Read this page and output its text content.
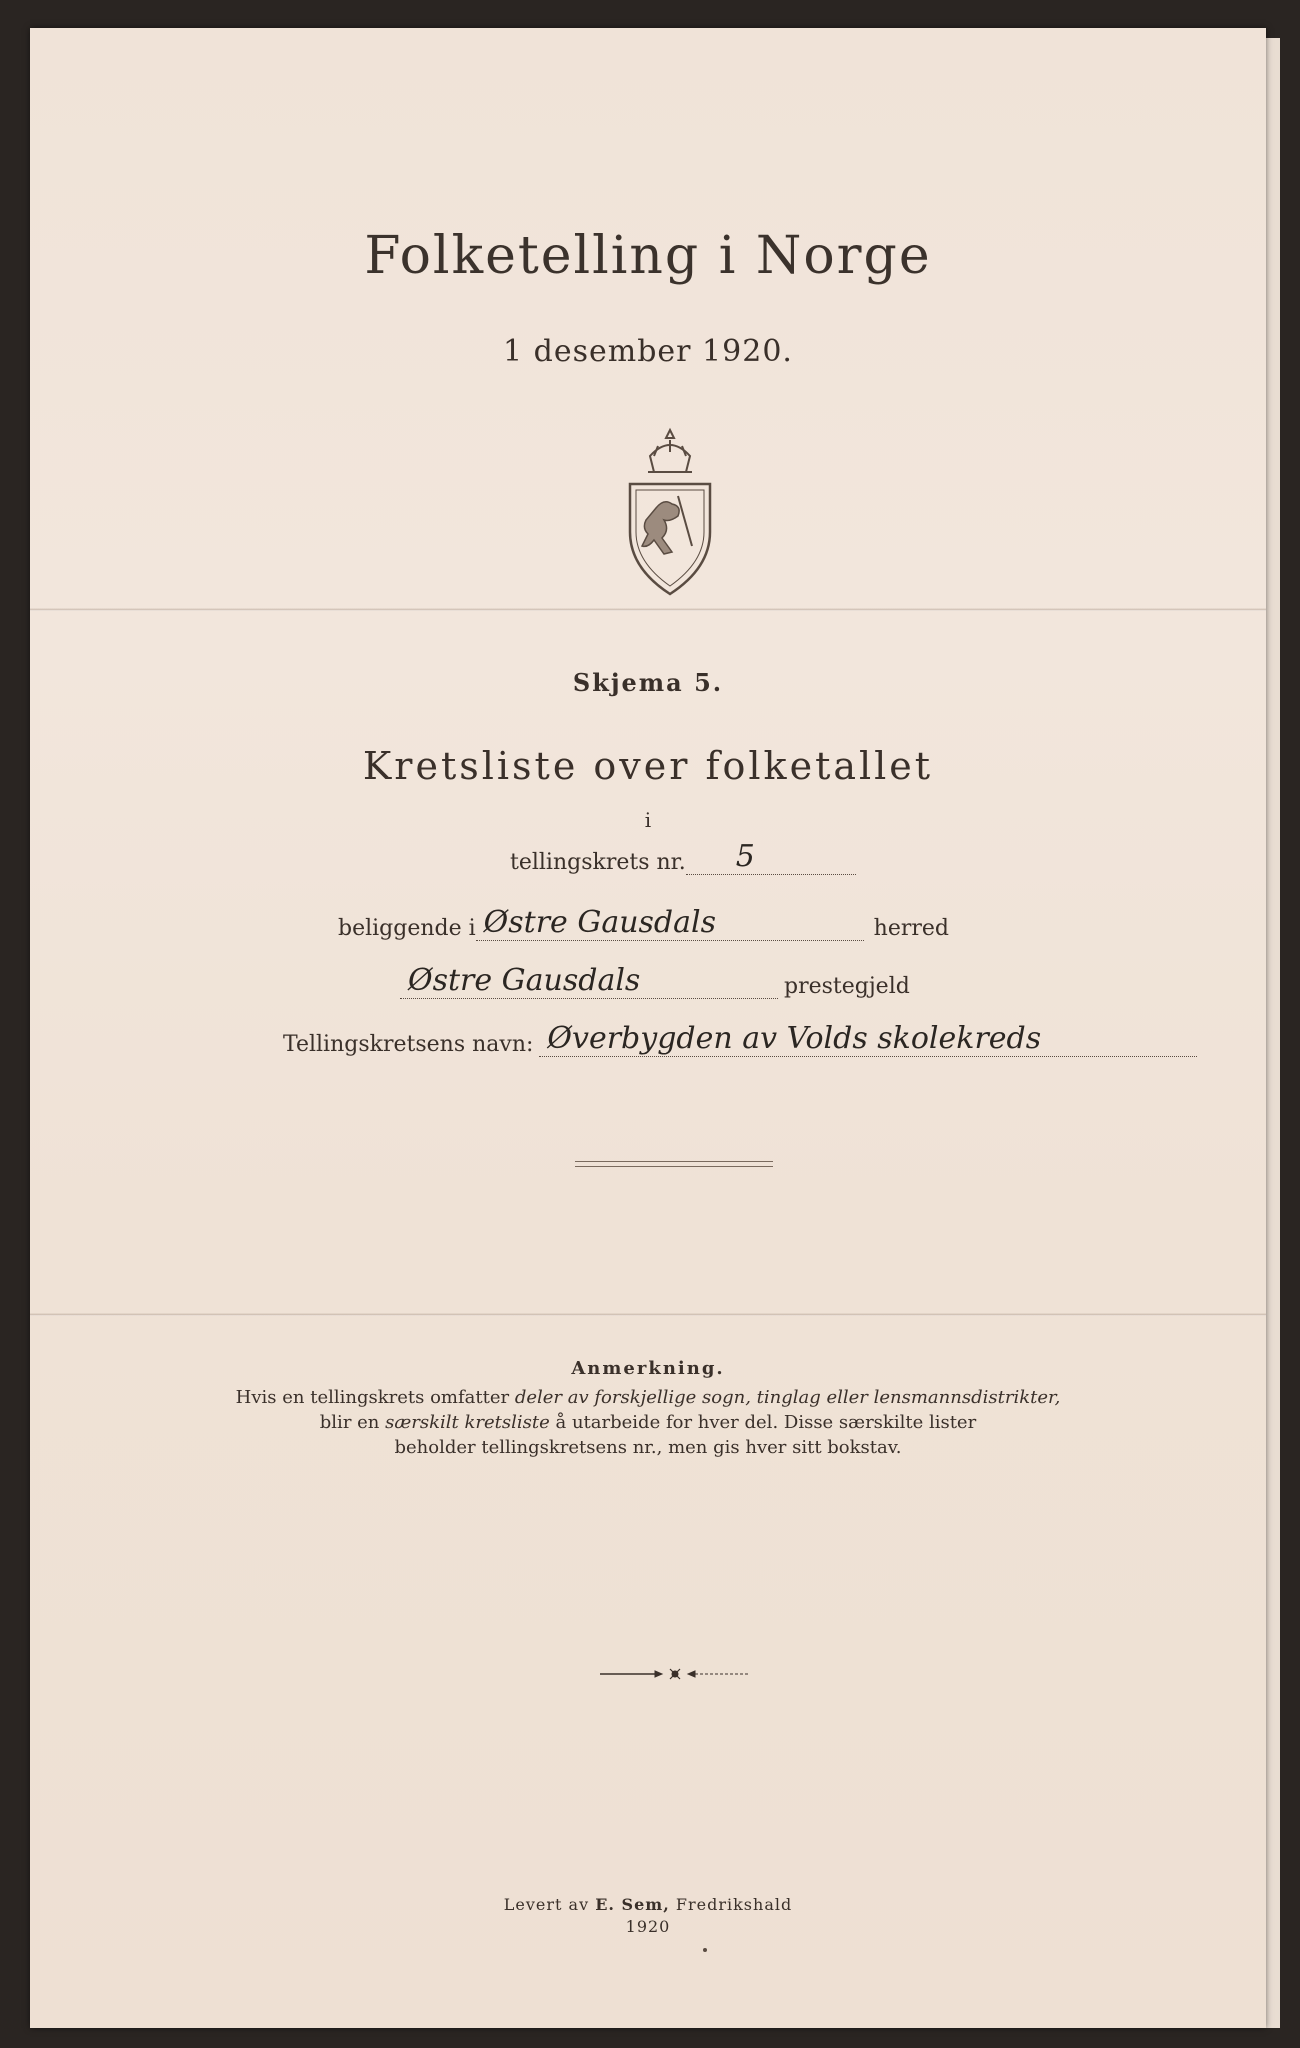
Folketelling i Norge
1 desember 1920.
Skjema 5.
Kretsliste over folketallet
i
tellingskrets nr.	5
beliggende i Østre Gausdals	herred
Østre Gausdals	prestegjeld
Tellingskretsens navn: Øverbygden av Volds skolekreds
Anmerkning.
Hvis en tellingskrets omfatter deler av forskjellige sogn, tinglag eller lensmannsdistrikter,
blir en særskilt kretsliste å utarbeide for hver del. Disse særskilte lister
beholder tellingskretsens nr., men gis hver sitt bokstav.
Levert av E. Sem, Fredrikshald
1920
